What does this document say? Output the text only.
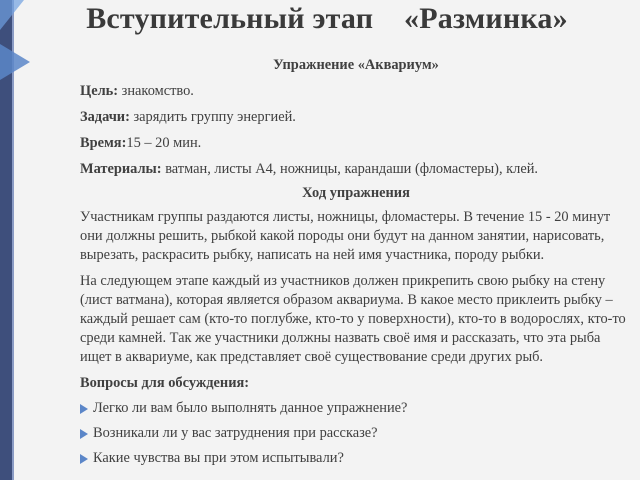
Вступительный этап    «Разминка»

Упражнение «Аквариум»

Цель: знакомство.

Задачи: зарядить группу энергией.

Время:15 – 20 мин.

Материалы: ватман, листы А4, ножницы, карандаши (фломастеры), клей.

Ход упражнения

Участникам группы раздаются листы, ножницы, фломастеры. В течение 15 - 20 минут они должны решить, рыбкой какой породы они будут на данном занятии, нарисовать, вырезать, раскрасить рыбку, написать на ней имя участника, породу рыбки.

На следующем этапе каждый из участников должен прикрепить свою рыбку на стену (лист ватмана), которая является образом аквариума. В какое место приклеить рыбку – каждый решает сам (кто-то поглубже, кто-то у поверхности), кто-то в водорослях, кто-то среди камней. Так же участники должны назвать своё имя и рассказать, что эта рыба ищет в аквариуме, как представляет своё существование среди других рыб.

Вопросы для обсуждения:

Легко ли вам было выполнять данное упражнение?
Возникали ли у вас затруднения при рассказе?
Какие чувства вы при этом испытывали?
